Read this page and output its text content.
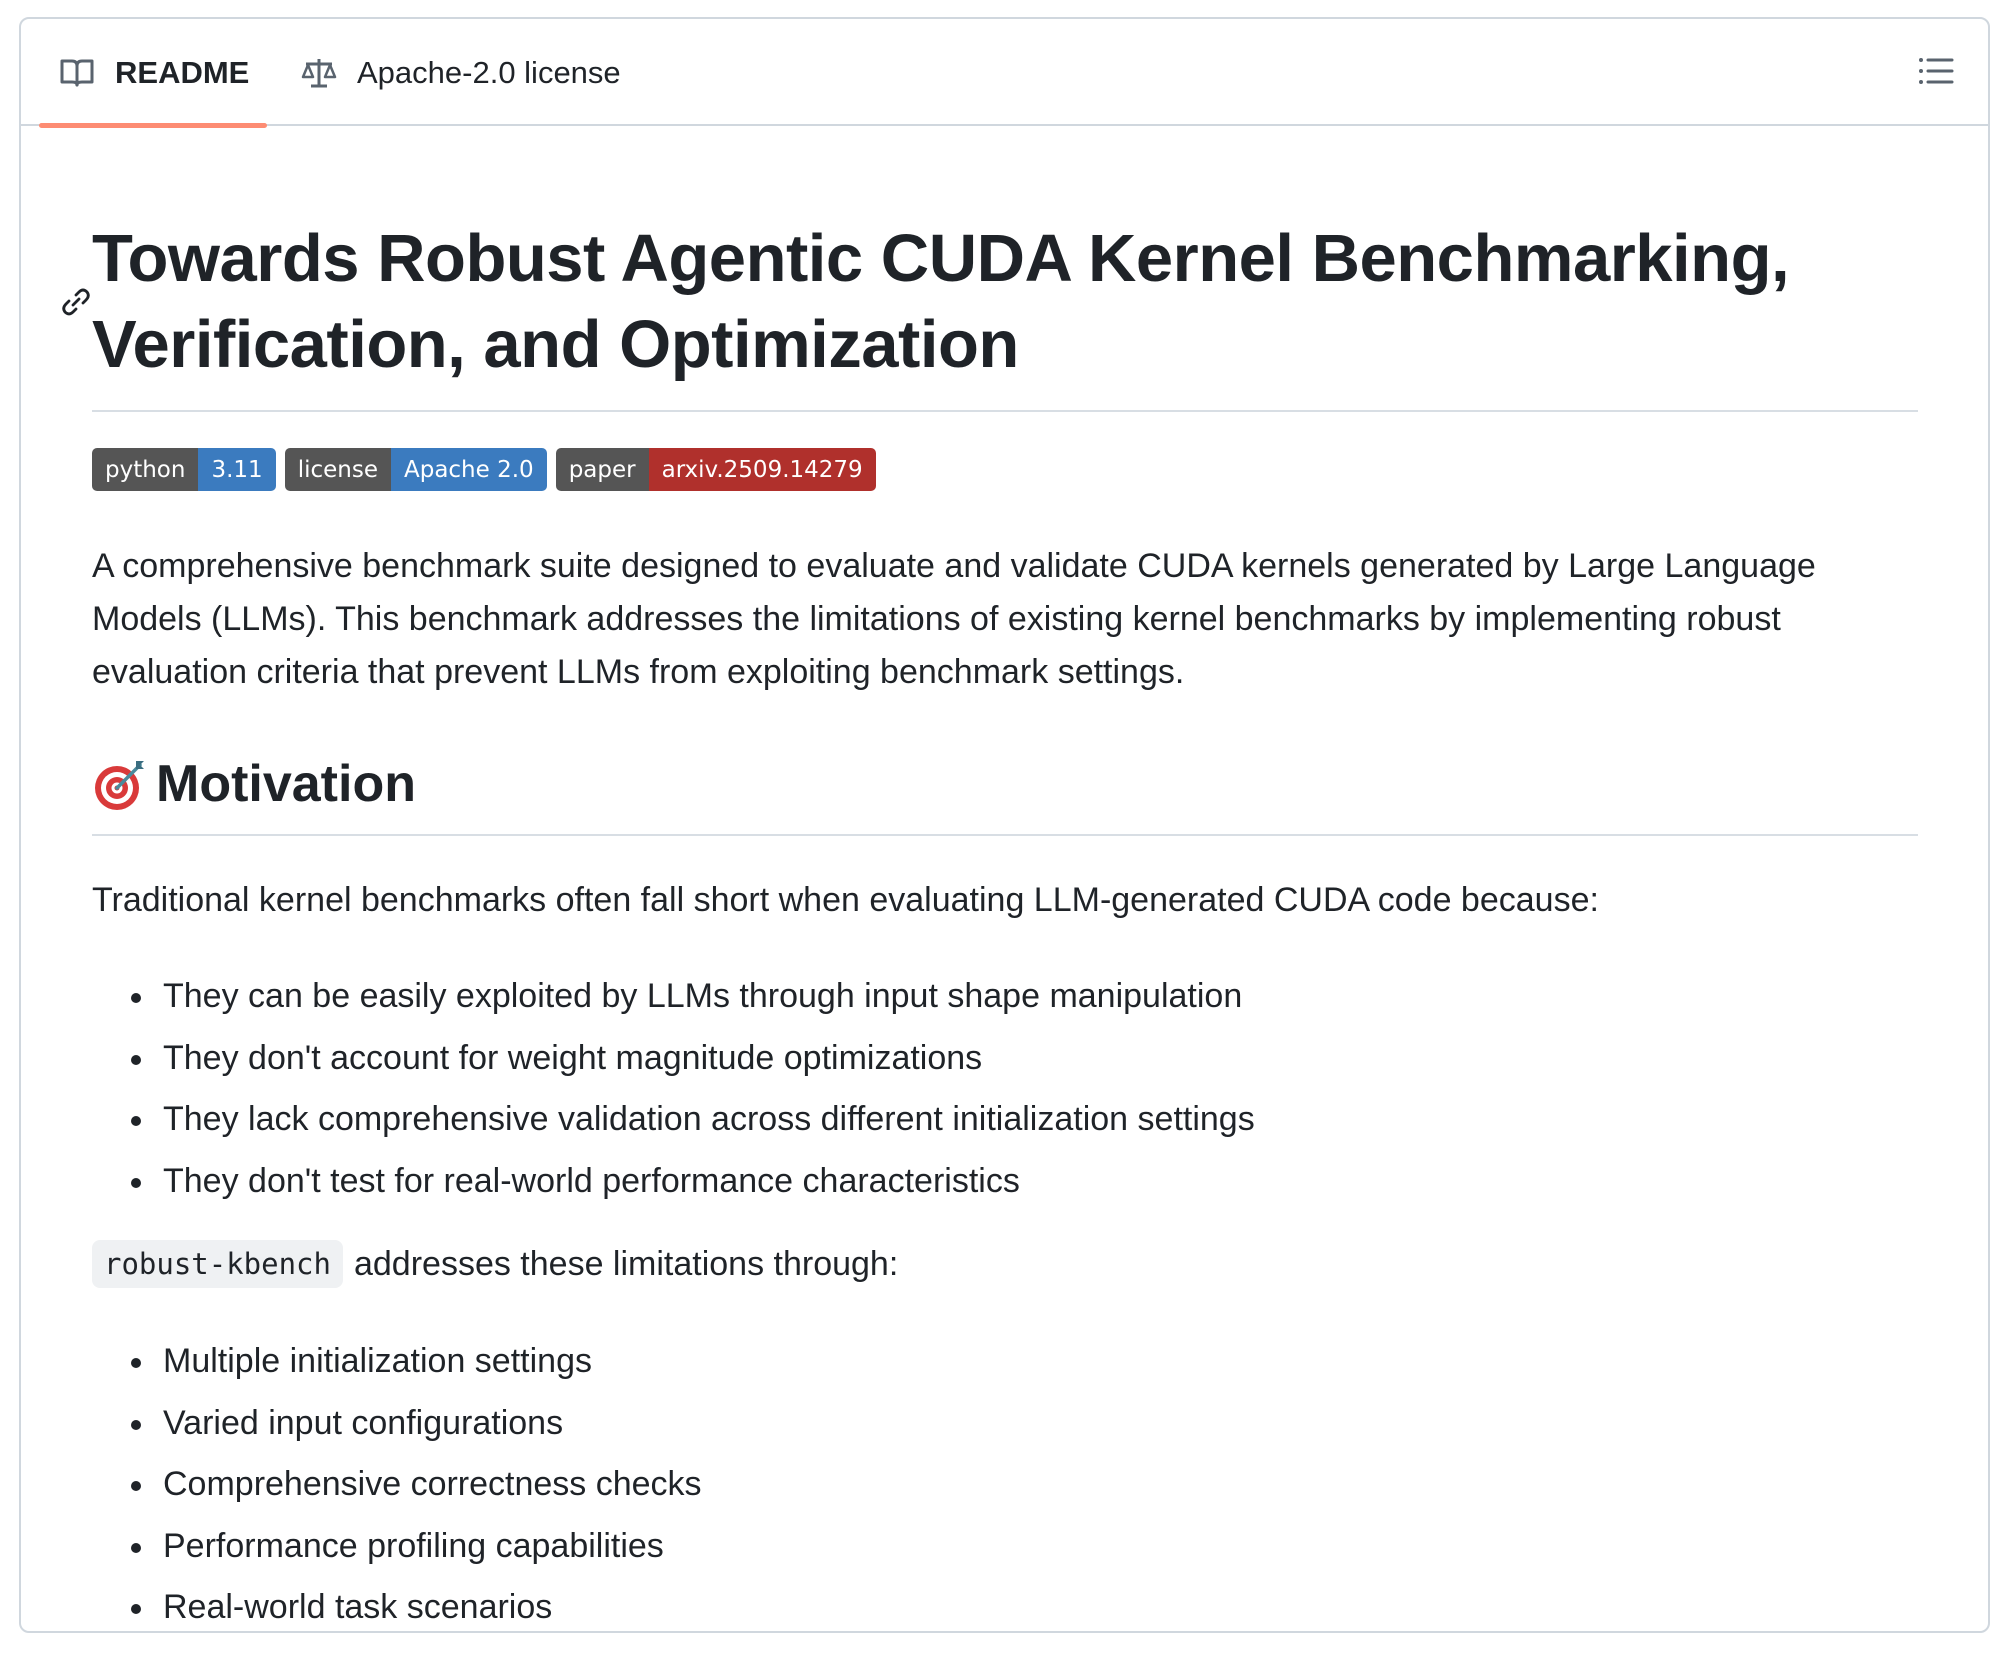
README	Apache-2.0 license
Towards Robust Agentic CUDA Kernel Benchmarking, Verification, and Optimization
python	3.11	license	Apache 2.0	paper	arxiv.2509.14279

A comprehensive benchmark suite designed to evaluate and validate CUDA kernels generated by Large Language Models (LLMs). This benchmark addresses the limitations of existing kernel benchmarks by implementing robust evaluation criteria that prevent LLMs from exploiting benchmark settings.

Motivation

Traditional kernel benchmarks often fall short when evaluating LLM-generated CUDA code because:

They can be easily exploited by LLMs through input shape manipulation
They don't account for weight magnitude optimizations
They lack comprehensive validation across different initialization settings
They don't test for real-world performance characteristics
robust-kbench addresses these limitations through:
Multiple initialization settings
Varied input configurations
Comprehensive correctness checks
Performance profiling capabilities
Real-world task scenarios
